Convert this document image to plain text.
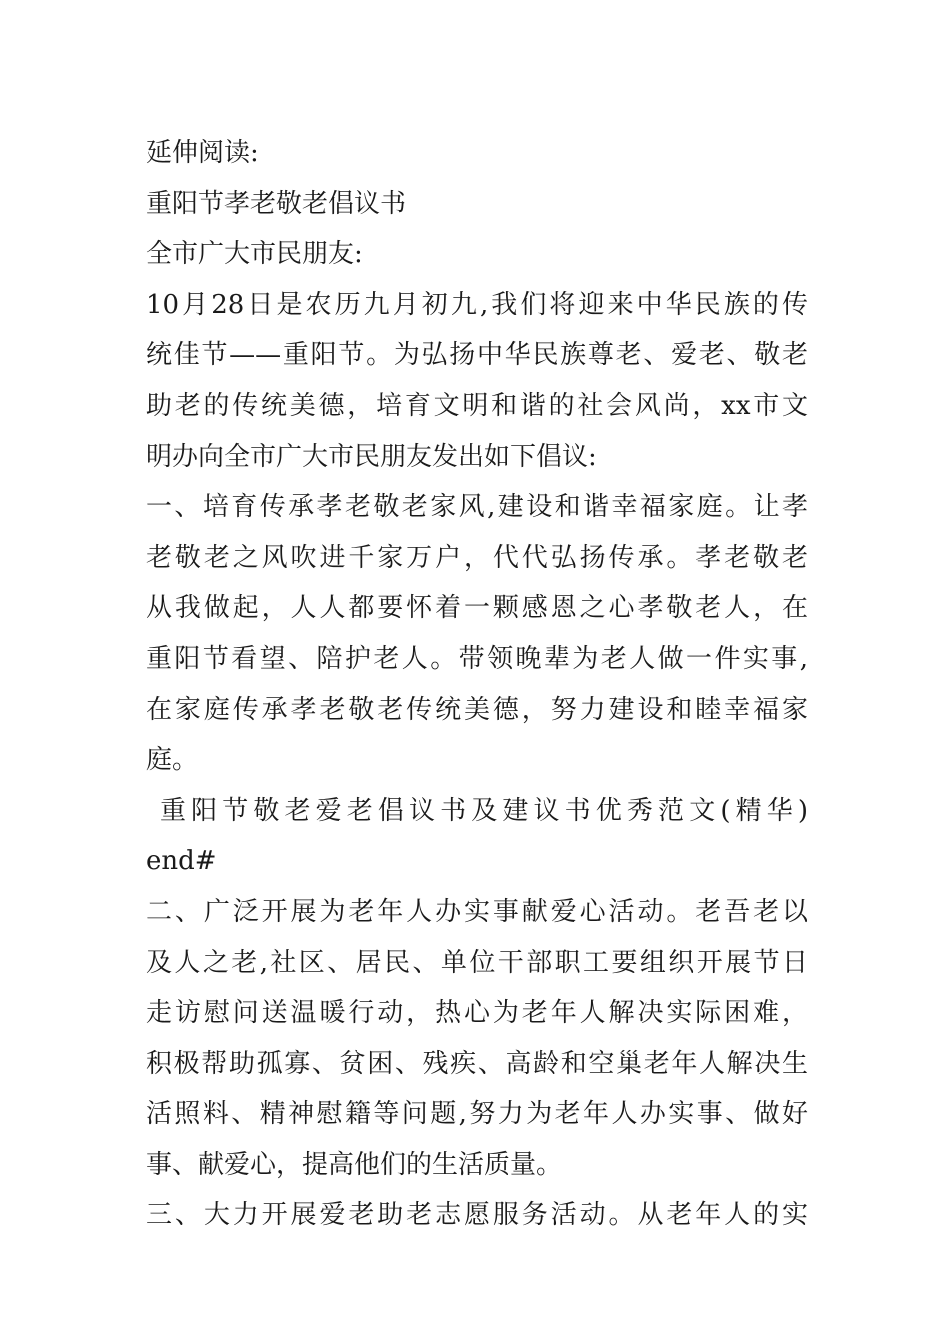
延伸阅读:
重阳节孝老敬老倡议书
全市广大市民朋友:
10月28日是农历九月初九,我们将迎来中华民族的传
统佳节——重阳节。为弘扬中华民族尊老、爱老、敬老
助老的传统美德，培育文明和谐的社会风尚，xx市文
明办向全市广大市民朋友发出如下倡议:
一、培育传承孝老敬老家风,建设和谐幸福家庭。让孝
老敬老之风吹进千家万户，代代弘扬传承。孝老敬老
从我做起，人人都要怀着一颗感恩之心孝敬老人，在
重阳节看望、陪护老人。带领晚辈为老人做一件实事,
在家庭传承孝老敬老传统美德，努力建设和睦幸福家
庭。
重阳节敬老爱老倡议书及建议书优秀范文(精华)
end#
二、广泛开展为老年人办实事献爱心活动。老吾老以
及人之老,社区、居民、单位干部职工要组织开展节日
走访慰问送温暖行动，热心为老年人解决实际困难，
积极帮助孤寡、贫困、残疾、高龄和空巢老年人解决生
活照料、精神慰籍等问题,努力为老年人办实事、做好
事、献爱心，提高他们的生活质量。
三、大力开展爱老助老志愿服务活动。从老年人的实
